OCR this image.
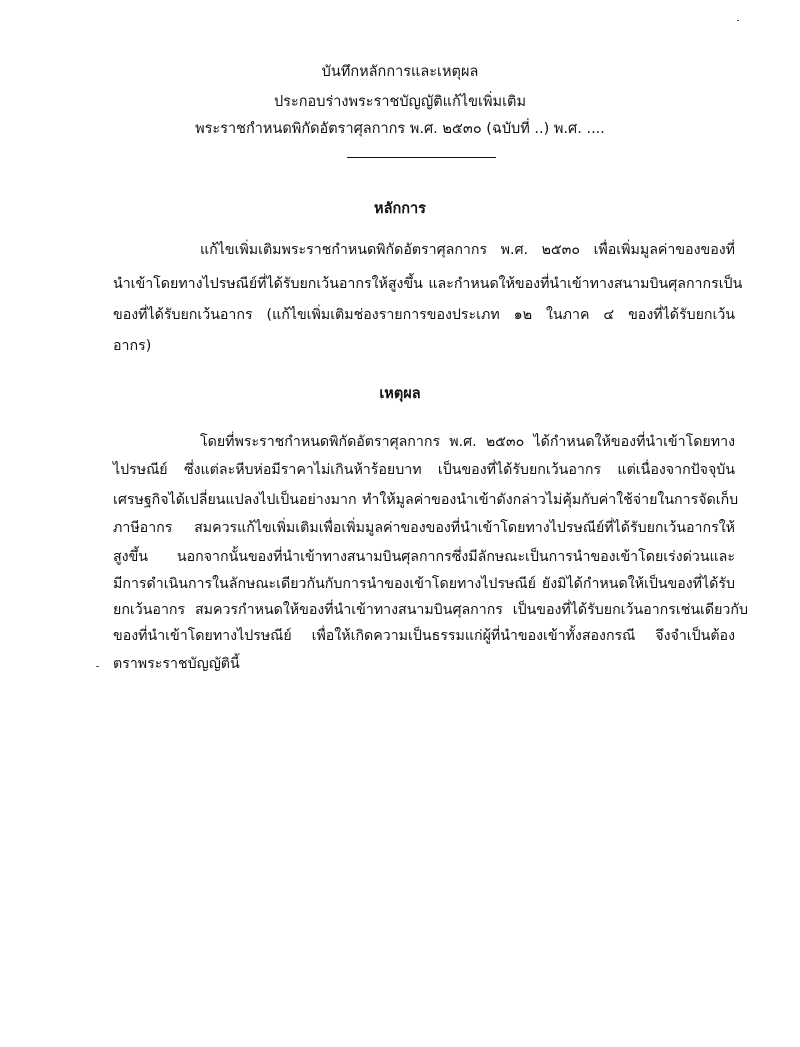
บันทึกหลักการและเหตุผล
ประกอบร่างพระราชบัญญัติแก้ไขเพิ่มเติม
พระราชกำหนดพิกัดอัตราศุลกากร พ.ศ. ๒๕๓๐ (ฉบับที่ ..) พ.ศ. ....
หลักการ
แก้ไขเพิ่มเติมพระราชกำหนดพิกัดอัตราศุลกากร พ.ศ. ๒๕๓๐ เพื่อเพิ่มมูลค่าของของที่
นำเข้าโดยทางไปรษณีย์ที่ได้รับยกเว้นอากรให้สูงขึ้น และกำหนดให้ของที่นำเข้าทางสนามบินศุลกากรเป็น
ของที่ได้รับยกเว้นอากร (แก้ไขเพิ่มเติมช่องรายการของประเภท ๑๒ ในภาค ๔ ของที่ได้รับยกเว้น
อากร)
เหตุผล
โดยที่พระราชกำหนดพิกัดอัตราศุลกากร พ.ศ. ๒๕๓๐ ได้กำหนดให้ของที่นำเข้าโดยทาง
ไปรษณีย์ ซึ่งแต่ละหีบห่อมีราคาไม่เกินห้าร้อยบาท เป็นของที่ได้รับยกเว้นอากร แต่เนื่องจากปัจจุบัน
เศรษฐกิจได้เปลี่ยนแปลงไปเป็นอย่างมาก ทำให้มูลค่าของนำเข้าดังกล่าวไม่คุ้มกับค่าใช้จ่ายในการจัดเก็บ
ภาษีอากร สมควรแก้ไขเพิ่มเติมเพื่อเพิ่มมูลค่าของของที่นำเข้าโดยทางไปรษณีย์ที่ได้รับยกเว้นอากรให้
สูงขึ้น นอกจากนั้นของที่นำเข้าทางสนามบินศุลกากรซึ่งมีลักษณะเป็นการนำของเข้าโดยเร่งด่วนและ
มีการดำเนินการในลักษณะเดียวกันกับการนำของเข้าโดยทางไปรษณีย์ ยังมิได้กำหนดให้เป็นของที่ได้รับ
ยกเว้นอากร สมควรกำหนดให้ของที่นำเข้าทางสนามบินศุลกากร เป็นของที่ได้รับยกเว้นอากรเช่นเดียวกับ
ของที่นำเข้าโดยทางไปรษณีย์ เพื่อให้เกิดความเป็นธรรมแก่ผู้ที่นำของเข้าทั้งสองกรณี จึงจำเป็นต้อง
ตราพระราชบัญญัตินี้
